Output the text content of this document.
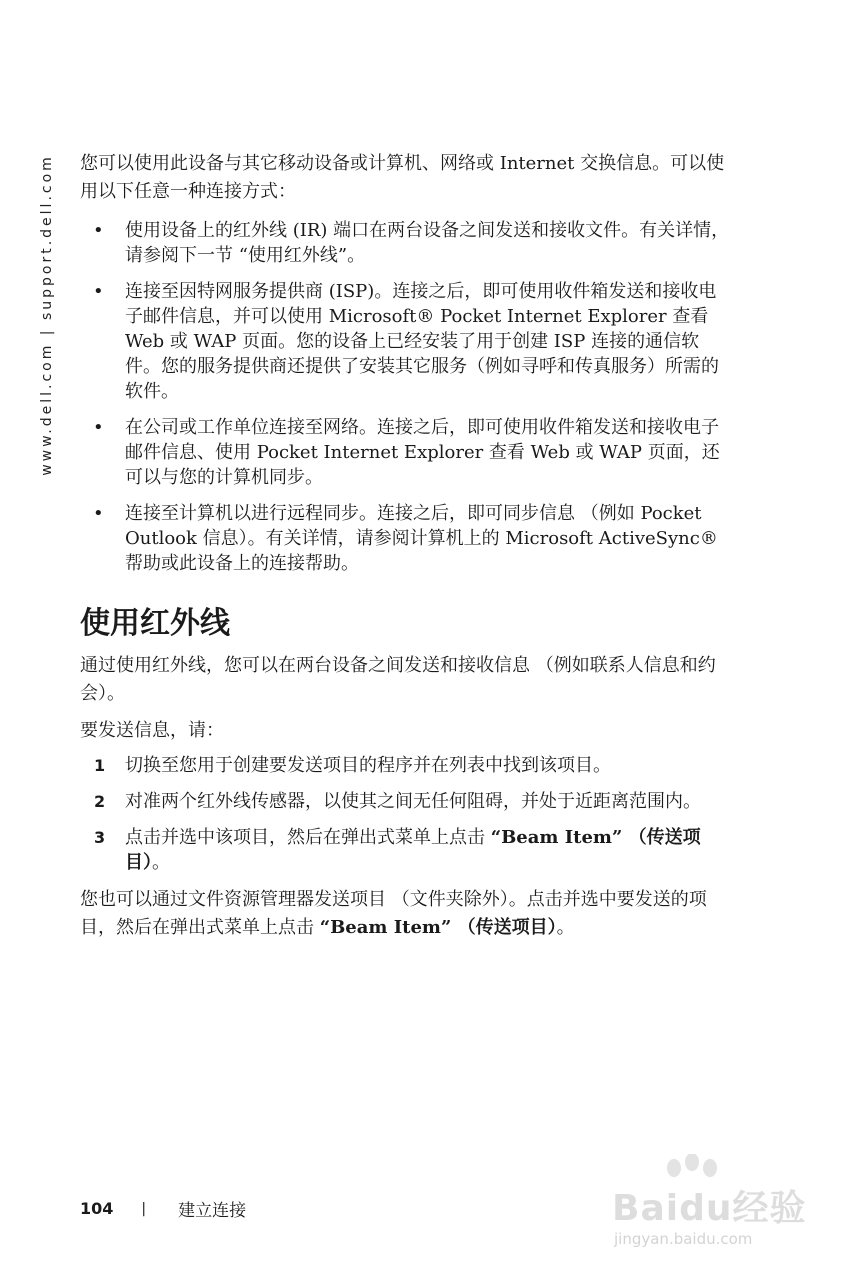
www.dell.com | support.dell.com 您可以使用此设备与其它移动设备或计算机、网络或 Internet 交换信息。可以使用以下任意一种连接方式：

• 使用设备上的红外线 (IR) 端口在两台设备之间发送和接收文件。有关详情，请参阅下一节 “使用红外线”。
• 连接至因特网服务提供商 (ISP)。连接之后，即可使用收件箱发送和接收电子邮件信息，并可以使用 Microsoft® Pocket Internet Explorer 查看 Web 或 WAP 页面。您的设备上已经安装了用于创建 ISP 连接的通信软件。您的服务提供商还提供了安装其它服务（例如寻呼和传真服务）所需的软件。
• 在公司或工作单位连接至网络。连接之后，即可使用收件箱发送和接收电子邮件信息、使用 Pocket Internet Explorer 查看 Web 或 WAP 页面，还可以与您的计算机同步。
• 连接至计算机以进行远程同步。连接之后，即可同步信息 （例如 Pocket Outlook 信息）。有关详情，请参阅计算机上的 Microsoft ActiveSync® 帮助或此设备上的连接帮助。
使用红外线

通过使用红外线，您可以在两台设备之间发送和接收信息 （例如联系人信息和约会）。

要发送信息，请：

1 切换至您用于创建要发送项目的程序并在列表中找到该项目。
2 对准两个红外线传感器，以使其之间无任何阻碍，并处于近距离范围内。
3 点击并选中该项目，然后在弹出式菜单上点击 “Beam Item” （传送项目）。

您也可以通过文件资源管理器发送项目 （文件夹除外）。点击并选中要发送的项目，然后在弹出式菜单上点击 “Beam Item” （传送项目）。

104 | 建立连接	Baidu经验
jingyan.baidu.com
